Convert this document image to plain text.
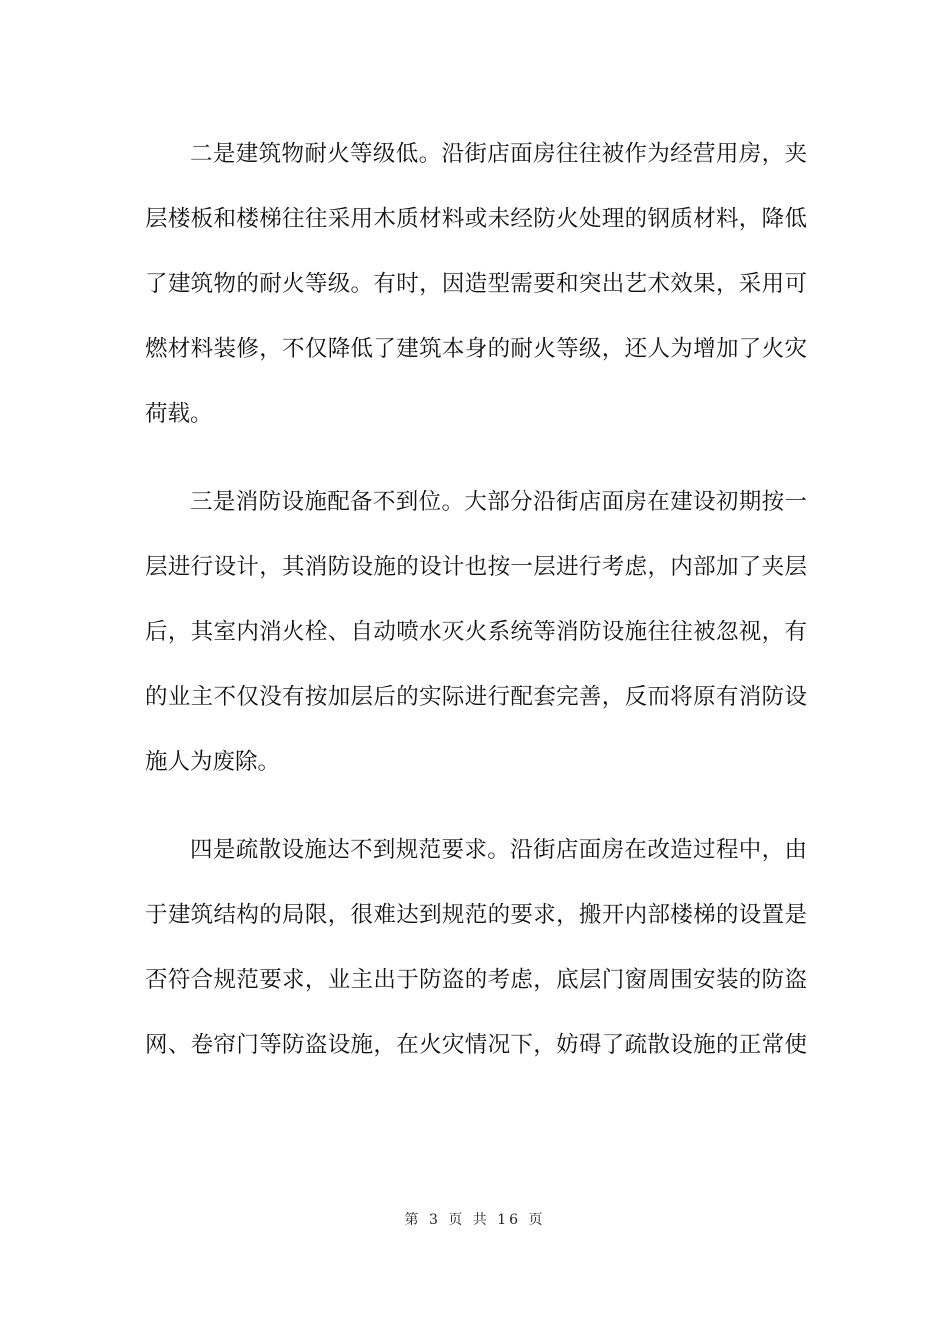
二是建筑物耐火等级低。沿街店面房往往被作为经营用房，夹
层楼板和楼梯往往采用木质材料或未经防火处理的钢质材料，降低
了建筑物的耐火等级。有时，因造型需要和突出艺术效果，采用可
燃材料装修，不仅降低了建筑本身的耐火等级，还人为增加了火灾
荷载。
三是消防设施配备不到位。大部分沿街店面房在建设初期按一
层进行设计，其消防设施的设计也按一层进行考虑，内部加了夹层
后，其室内消火栓、自动喷水灭火系统等消防设施往往被忽视，有
的业主不仅没有按加层后的实际进行配套完善，反而将原有消防设
施人为废除。
四是疏散设施达不到规范要求。沿街店面房在改造过程中，由
于建筑结构的局限，很难达到规范的要求，搬开内部楼梯的设置是
否符合规范要求，业主出于防盗的考虑，底层门窗周围安装的防盗
网、卷帘门等防盗设施，在火灾情况下，妨碍了疏散设施的正常使
第 3 页 共 16 页
